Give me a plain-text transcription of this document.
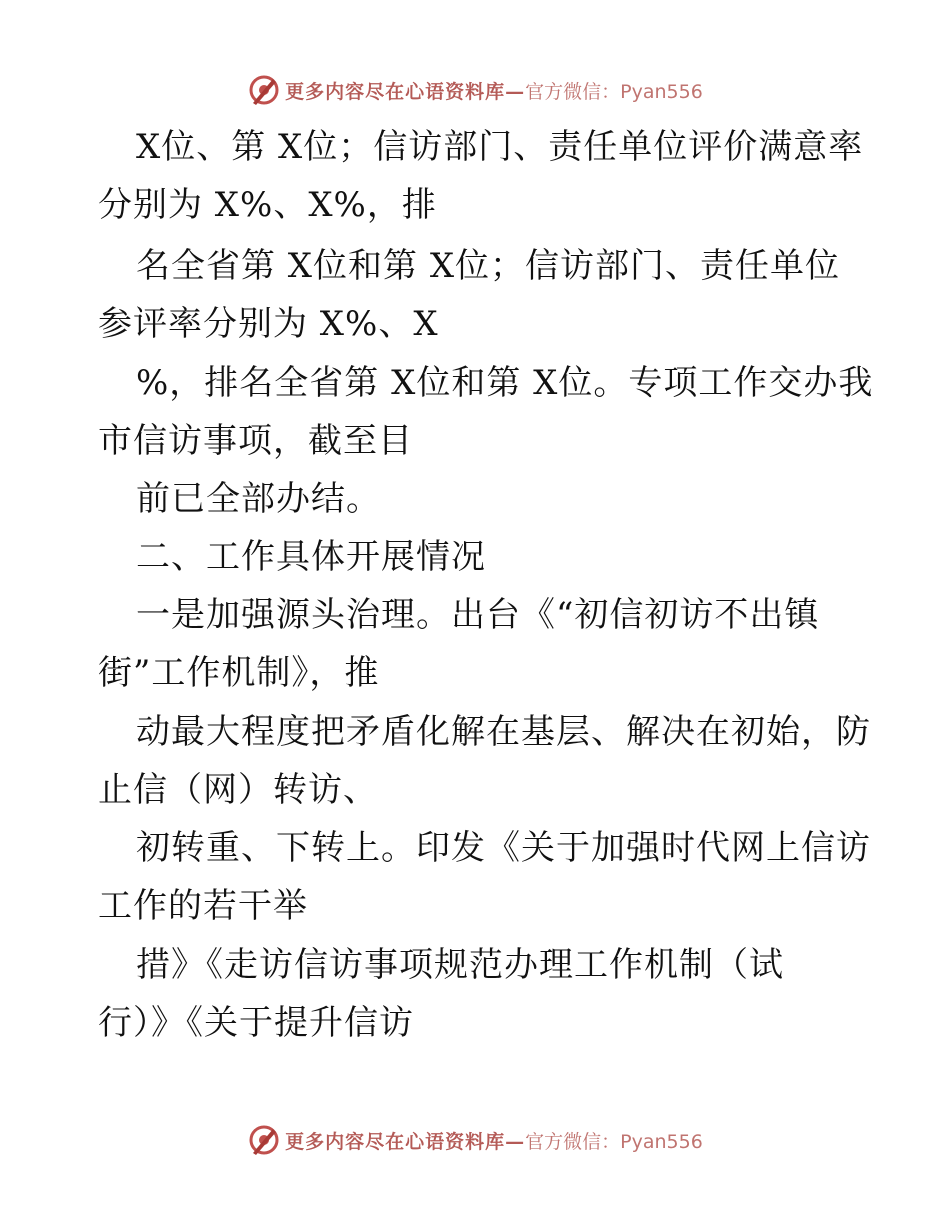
更多内容尽在心语资料库— 官方微信：Pyan556
X位、第 X位；信访部门、责任单位评价满意率
分别为 X%、X%，排
名全省第 X位和第 X位；信访部门、责任单位
参评率分别为 X%、X
%，排名全省第 X位和第 X位。专项工作交办我
市信访事项，截至目
前已全部办结。
二、工作具体开展情况
一是加强源头治理。出台《“初信初访不出镇
街”工作机制》，推
动最大程度把矛盾化解在基层、解决在初始，防
止信（网）转访、
初转重、下转上。印发《关于加强时代网上信访
工作的若干举
措》《走访信访事项规范办理工作机制（试
行）》《关于提升信访
更多内容尽在心语资料库— 官方微信：Pyan556
